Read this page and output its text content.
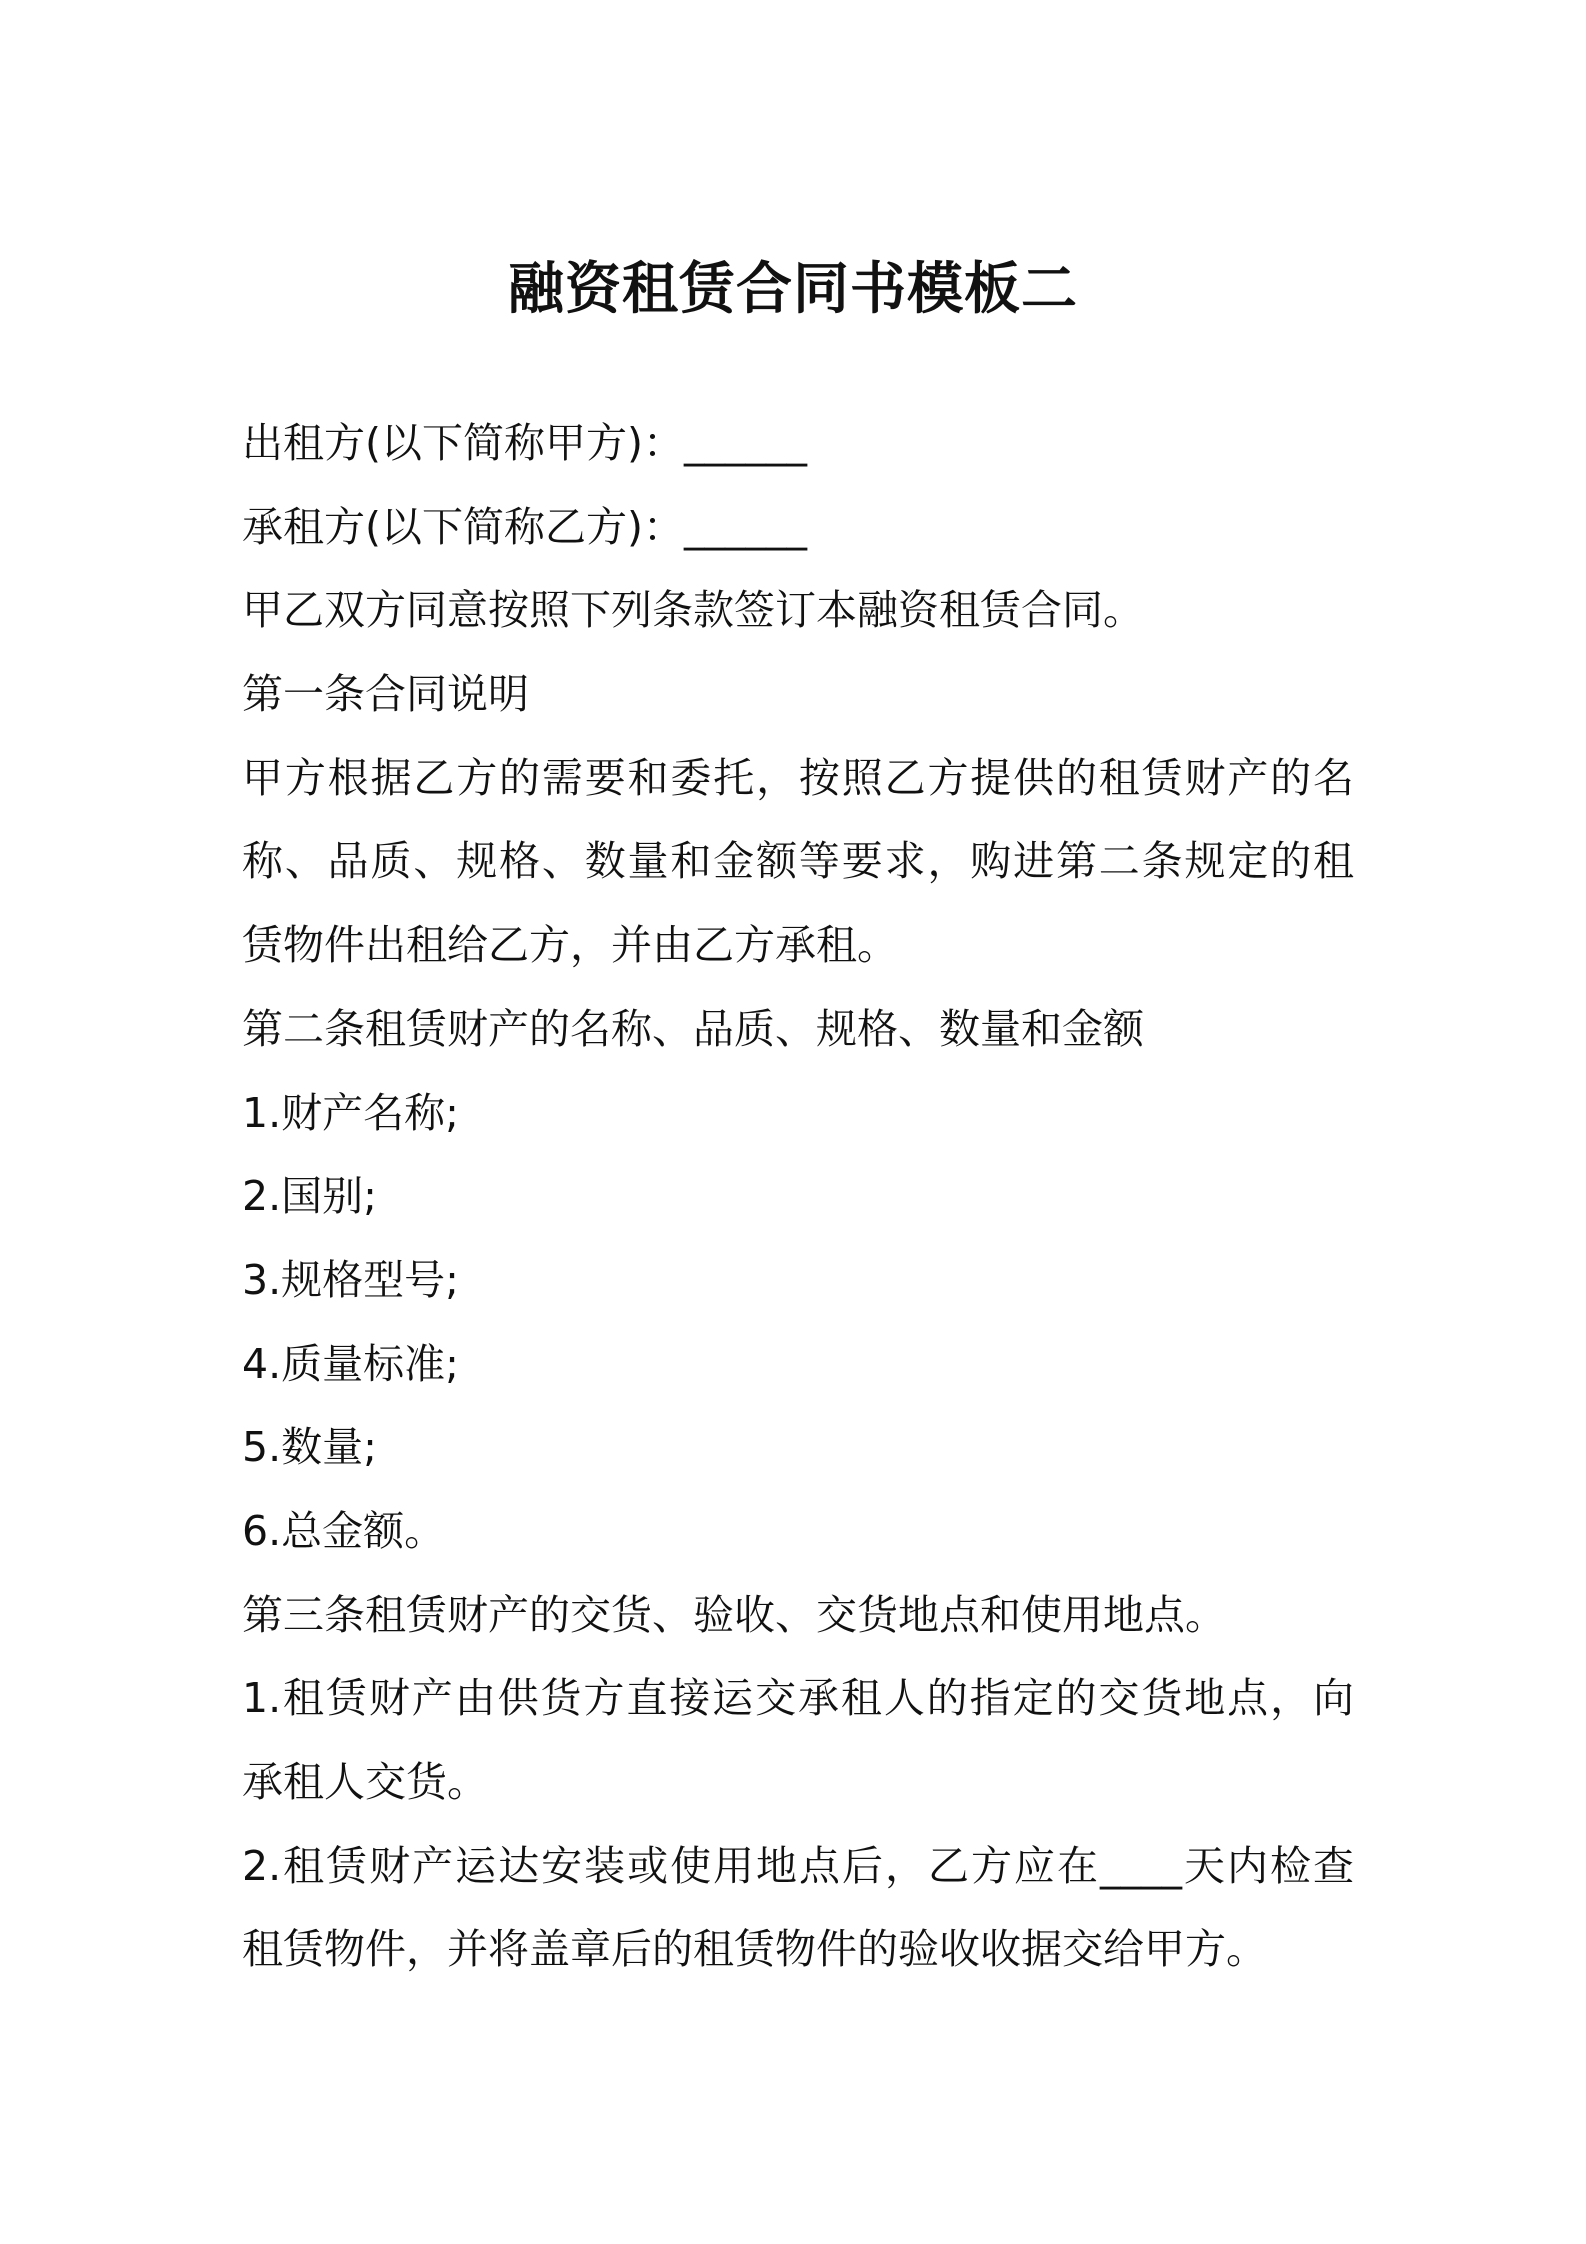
融资租赁合同书模板二
出租方(以下简称甲方)：______
承租方(以下简称乙方)：______
甲乙双方同意按照下列条款签订本融资租赁合同。
第一条合同说明
甲方根据乙方的需要和委托，按照乙方提供的租赁财产的名
称、品质、规格、数量和金额等要求，购进第二条规定的租
赁物件出租给乙方，并由乙方承租。
第二条租赁财产的名称、品质、规格、数量和金额
1.财产名称;
2.国别;
3.规格型号;
4.质量标准;
5.数量;
6.总金额。
第三条租赁财产的交货、验收、交货地点和使用地点。
1.租赁财产由供货方直接运交承租人的指定的交货地点，向
承租人交货。
2.租赁财产运达安装或使用地点后，乙方应在____天内检查
租赁物件，并将盖章后的租赁物件的验收收据交给甲方。
